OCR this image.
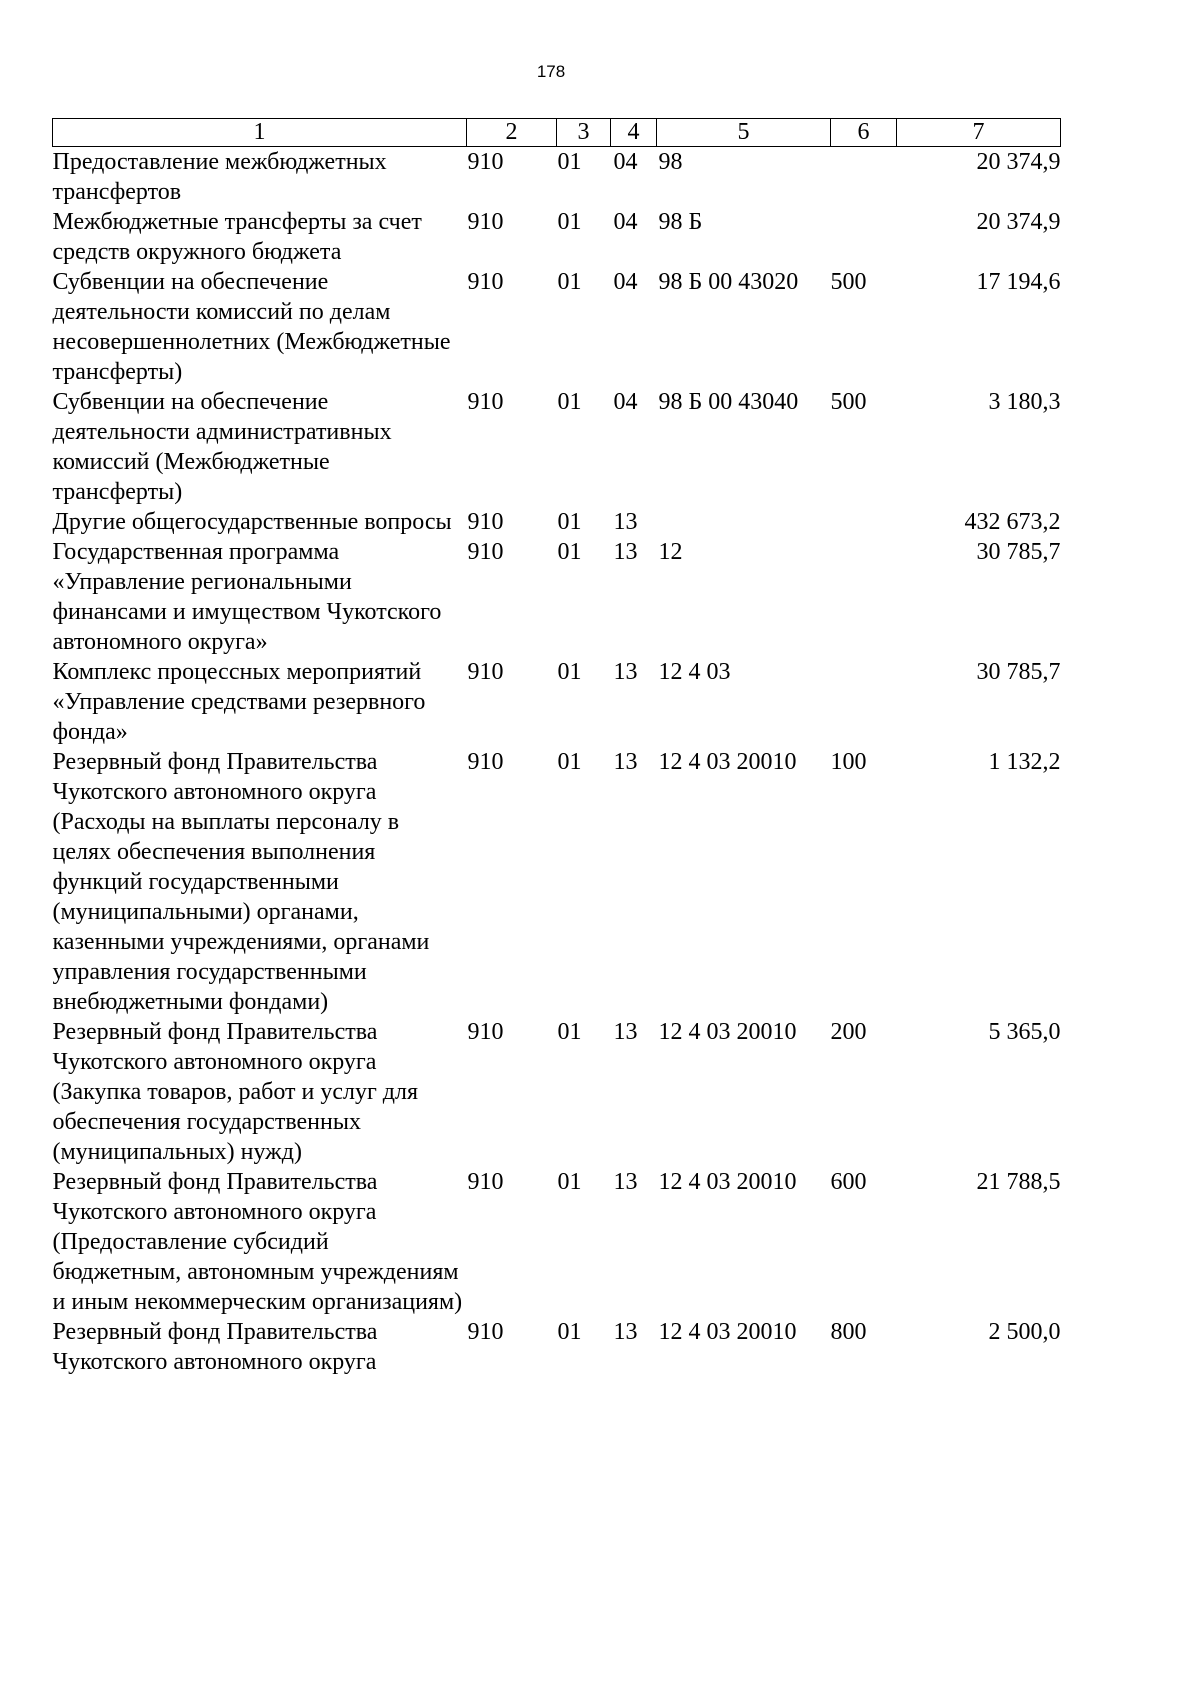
178
1	2	3	4	5	6	7
Предоставление межбюджетных трансфертов	910	01	04	98		20 374,9
Межбюджетные трансферты за счет средств окружного бюджета	910	01	04	98 Б		20 374,9
Субвенции на обеспечение деятельности комиссий по делам несовершеннолетних (Межбюджетные трансферты)	910	01	04	98 Б 00 43020	500	17 194,6
Субвенции на обеспечение деятельности административных комиссий (Межбюджетные трансферты)	910	01	04	98 Б 00 43040	500	3 180,3
Другие общегосударственные вопросы	910	01	13			432 673,2
Государственная программа «Управление региональными финансами и имуществом Чукотского автономного округа»	910	01	13	12		30 785,7
Комплекс процессных мероприятий «Управление средствами резервного фонда»	910	01	13	12 4 03		30 785,7
Резервный фонд Правительства Чукотского автономного округа (Расходы на выплаты персоналу в целях обеспечения выполнения функций государственными (муниципальными) органами, казенными учреждениями, органами управления государственными внебюджетными фондами)	910	01	13	12 4 03 20010	100	1 132,2
Резервный фонд Правительства Чукотского автономного округа (Закупка товаров, работ и услуг для обеспечения государственных (муниципальных) нужд)	910	01	13	12 4 03 20010	200	5 365,0
Резервный фонд Правительства Чукотского автономного округа (Предоставление субсидий бюджетным, автономным учреждениям и иным некоммерческим организациям)	910	01	13	12 4 03 20010	600	21 788,5
Резервный фонд Правительства Чукотского автономного округа	910	01	13	12 4 03 20010	800	2 500,0
